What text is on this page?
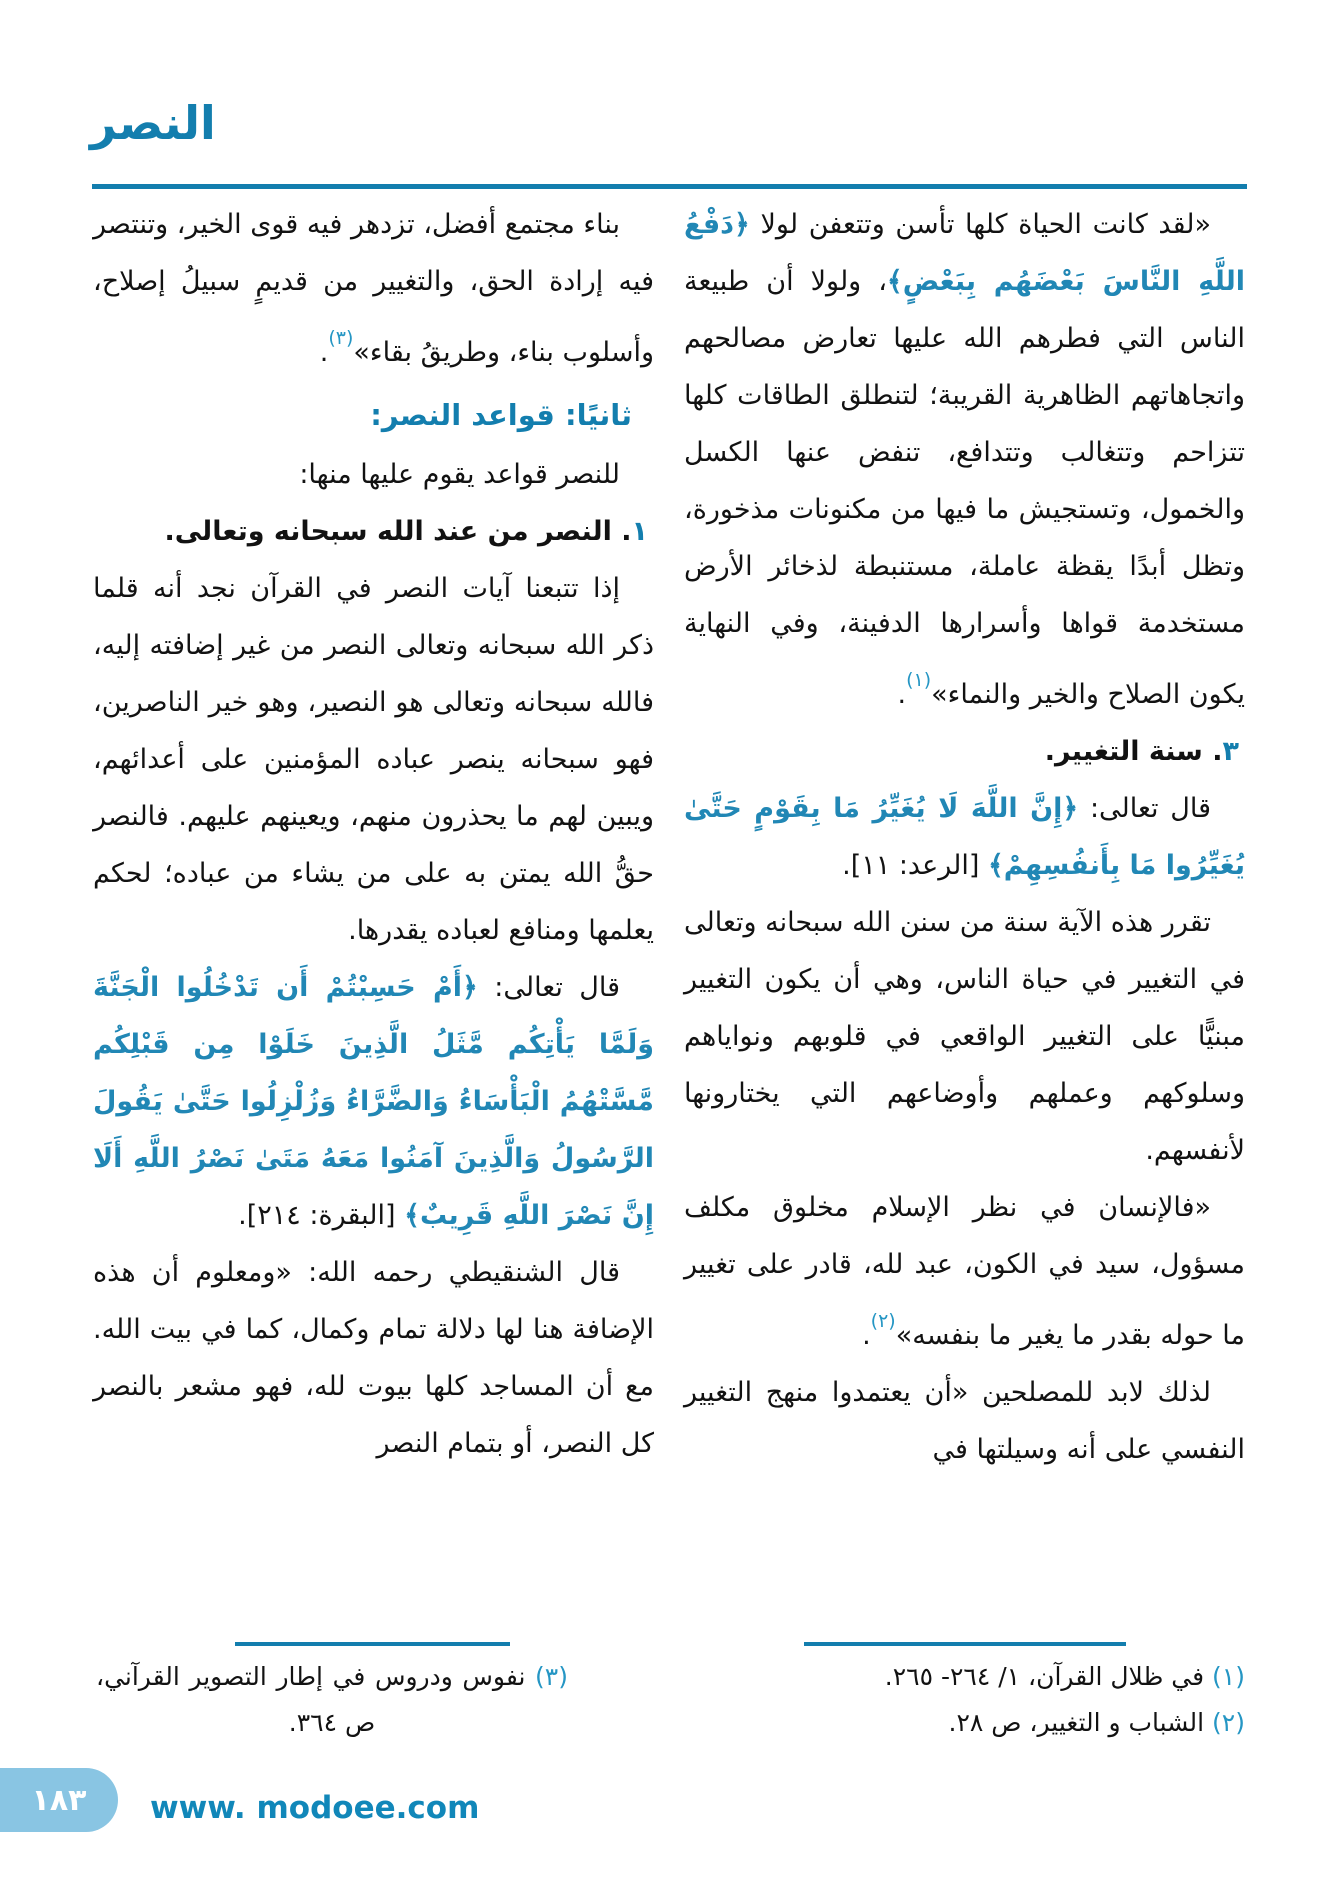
النصر

«لقد كانت الحياة كلها تأسن وتتعفن لولا ﴿دَفْعُ اللَّهِ النَّاسَ بَعْضَهُم بِبَعْضٍ﴾، ولولا أن طبيعة الناس التي فطرهم الله عليها تعارض مصالحهم واتجاهاتهم الظاهرية القريبة؛ لتنطلق الطاقات كلها تتزاحم وتتغالب وتتدافع، تنفض عنها الكسل والخمول، وتستجيش ما فيها من مكنونات مذخورة، وتظل أبدًا يقظة عاملة، مستنبطة لذخائر الأرض مستخدمة قواها وأسرارها الدفينة، وفي النهاية يكون الصلاح والخير والنماء»$^{(١)}$.

٣. سنة التغيير.

قال تعالى: ﴿إِنَّ اللَّهَ لَا يُغَيِّرُ مَا بِقَوْمٍ حَتَّىٰ يُغَيِّرُوا مَا بِأَنفُسِهِمْ﴾ [الرعد: ١١].

تقرر هذه الآية سنة من سنن الله سبحانه وتعالى في التغيير في حياة الناس، وهي أن يكون التغيير مبنيًّا على التغيير الواقعي في قلوبهم ونواياهم وسلوكهم وعملهم وأوضاعهم التي يختارونها لأنفسهم.

«فالإنسان في نظر الإسلام مخلوق مكلف مسؤول، سيد في الكون، عبد لله، قادر على تغيير ما حوله بقدر ما يغير ما بنفسه»$^{(٢)}$.

لذلك لابد للمصلحين «أن يعتمدوا منهج التغيير النفسي على أنه وسيلتها في

بناء مجتمع أفضل، تزدهر فيه قوى الخير، وتنتصر فيه إرادة الحق، والتغيير من قديمٍ سبيلُ إصلاح، وأسلوب بناء، وطريقُ بقاء»$^{(٣)}$.

ثانيًا: قواعد النصر:

للنصر قواعد يقوم عليها منها:

١. النصر من عند الله سبحانه وتعالى.

إذا تتبعنا آيات النصر في القرآن نجد أنه قلما ذكر الله سبحانه وتعالى النصر من غير إضافته إليه، فالله سبحانه وتعالى هو النصير، وهو خير الناصرين، فهو سبحانه ينصر عباده المؤمنين على أعدائهم، ويبين لهم ما يحذرون منهم، ويعينهم عليهم. فالنصر حقُّ الله يمتن به على من يشاء من عباده؛ لحكم يعلمها ومنافع لعباده يقدرها.

قال تعالى: ﴿أَمْ حَسِبْتُمْ أَن تَدْخُلُوا الْجَنَّةَ وَلَمَّا يَأْتِكُم مَّثَلُ الَّذِينَ خَلَوْا مِن قَبْلِكُم مَّسَّتْهُمُ الْبَأْسَاءُ وَالضَّرَّاءُ وَزُلْزِلُوا حَتَّىٰ يَقُولَ الرَّسُولُ وَالَّذِينَ آمَنُوا مَعَهُ مَتَىٰ نَصْرُ اللَّهِ أَلَا إِنَّ نَصْرَ اللَّهِ قَرِيبٌ﴾ [البقرة: ٢١٤].

قال الشنقيطي رحمه الله: «ومعلوم أن هذه الإضافة هنا لها دلالة تمام وكمال، كما في بيت الله. مع أن المساجد كلها بيوت لله، فهو مشعر بالنصر كل النصر، أو بتمام النصر

(١) في ظلال القرآن، ١/ ٢٦٤- ٢٦٥.

(٢) الشباب و التغيير، ص ٢٨.

(٣) نفوس ودروس في إطار التصوير القرآني، ص ٣٦٤.

١٨٣ www. modoee.com
